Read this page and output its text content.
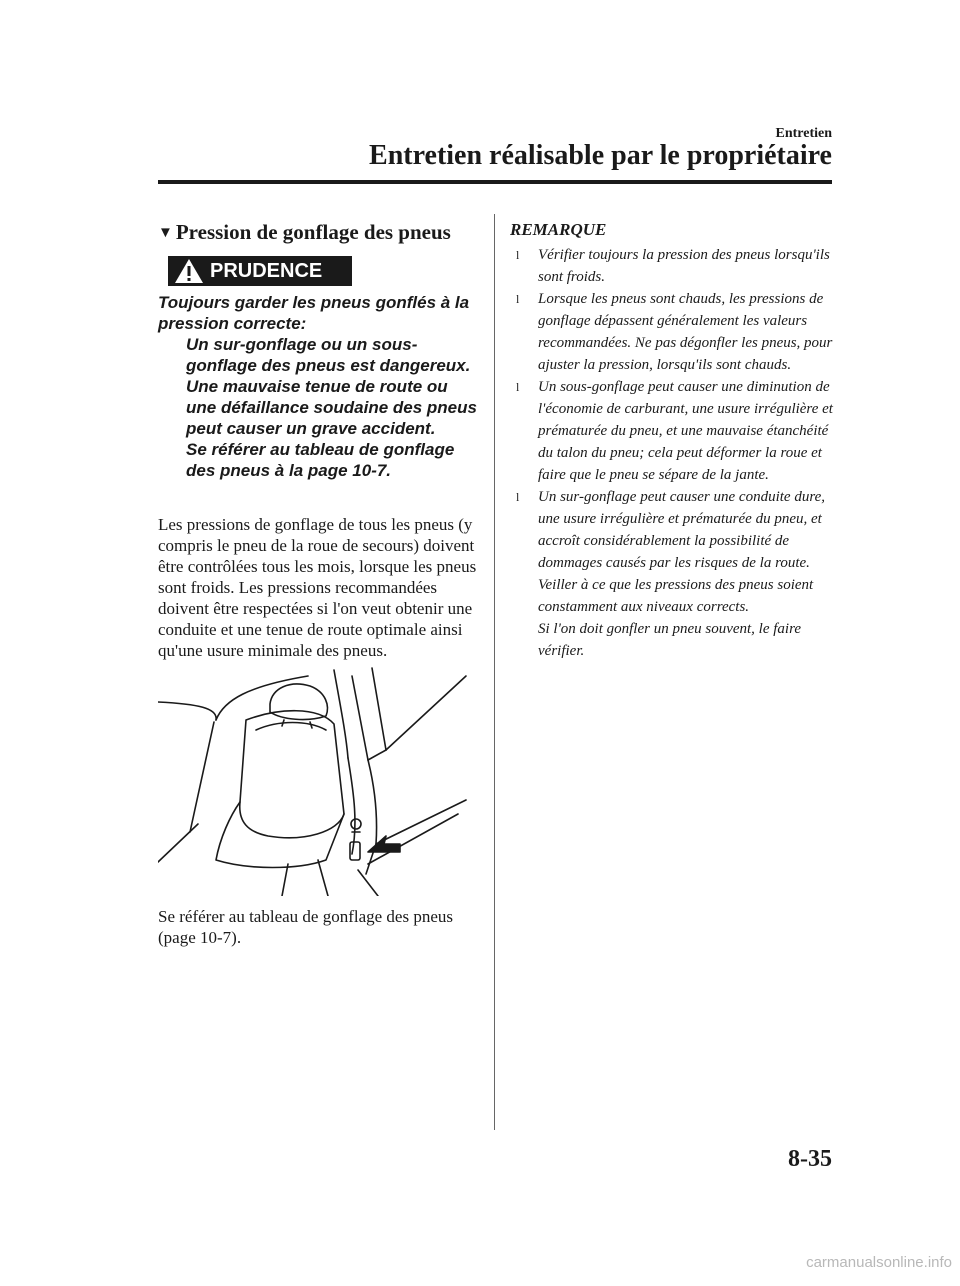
Entretien
Entretien réalisable par le propriétaire
▼ Pression de gonflage des pneus
PRUDENCE
Toujours garder les pneus gonflés à la pression correcte:
Un sur-gonflage ou un sous-gonflage des pneus est dangereux. Une mauvaise tenue de route ou une défaillance soudaine des pneus peut causer un grave accident.
Se référer au tableau de gonflage des pneus à la page 10-7.
Les pressions de gonflage de tous les pneus (y compris le pneu de la roue de secours) doivent être contrôlées tous les mois, lorsque les pneus sont froids. Les pressions recommandées doivent être respectées si l'on veut obtenir une conduite et une tenue de route optimale ainsi qu'une usure minimale des pneus.
Se référer au tableau de gonflage des pneus (page 10-7).
REMARQUE
l Vérifier toujours la pression des pneus lorsqu'ils sont froids.
l Lorsque les pneus sont chauds, les pressions de gonflage dépassent généralement les valeurs recommandées. Ne pas dégonfler les pneus, pour ajuster la pression, lorsqu'ils sont chauds.
l Un sous-gonflage peut causer une diminution de l'économie de carburant, une usure irrégulière et prématurée du pneu, et une mauvaise étanchéité du talon du pneu; cela peut déformer la roue et faire que le pneu se sépare de la jante.
l Un sur-gonflage peut causer une conduite dure, une usure irrégulière et prématurée du pneu, et accroît considérablement la possibilité de dommages causés par les risques de la route.
Veiller à ce que les pressions des pneus soient constamment aux niveaux corrects.
Si l'on doit gonfler un pneu souvent, le faire vérifier.
8-35
carmanualsonline.info
